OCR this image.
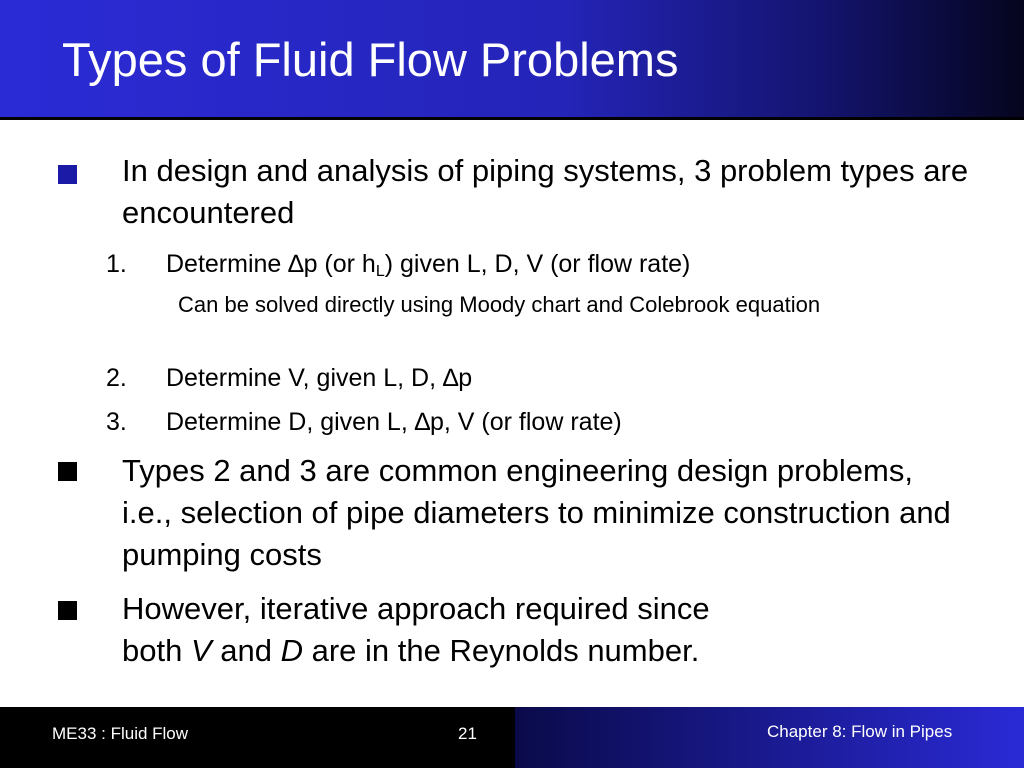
Types of Fluid Flow Problems
In design and analysis of piping systems, 3 problem types are encountered
1. Determine ∆p (or $h_L$) given L, D, V (or flow rate)
Can be solved directly using Moody chart and Colebrook equation
2. Determine V, given L, D, ∆p
3. Determine D, given L, ∆p, V (or flow rate)
Types 2 and 3 are common engineering design problems, i.e., selection of pipe diameters to minimize construction and pumping costs
However, iterative approach required since
both V and D are in the Reynolds number.
ME33 : Fluid Flow	21	Chapter 8: Flow in Pipes
